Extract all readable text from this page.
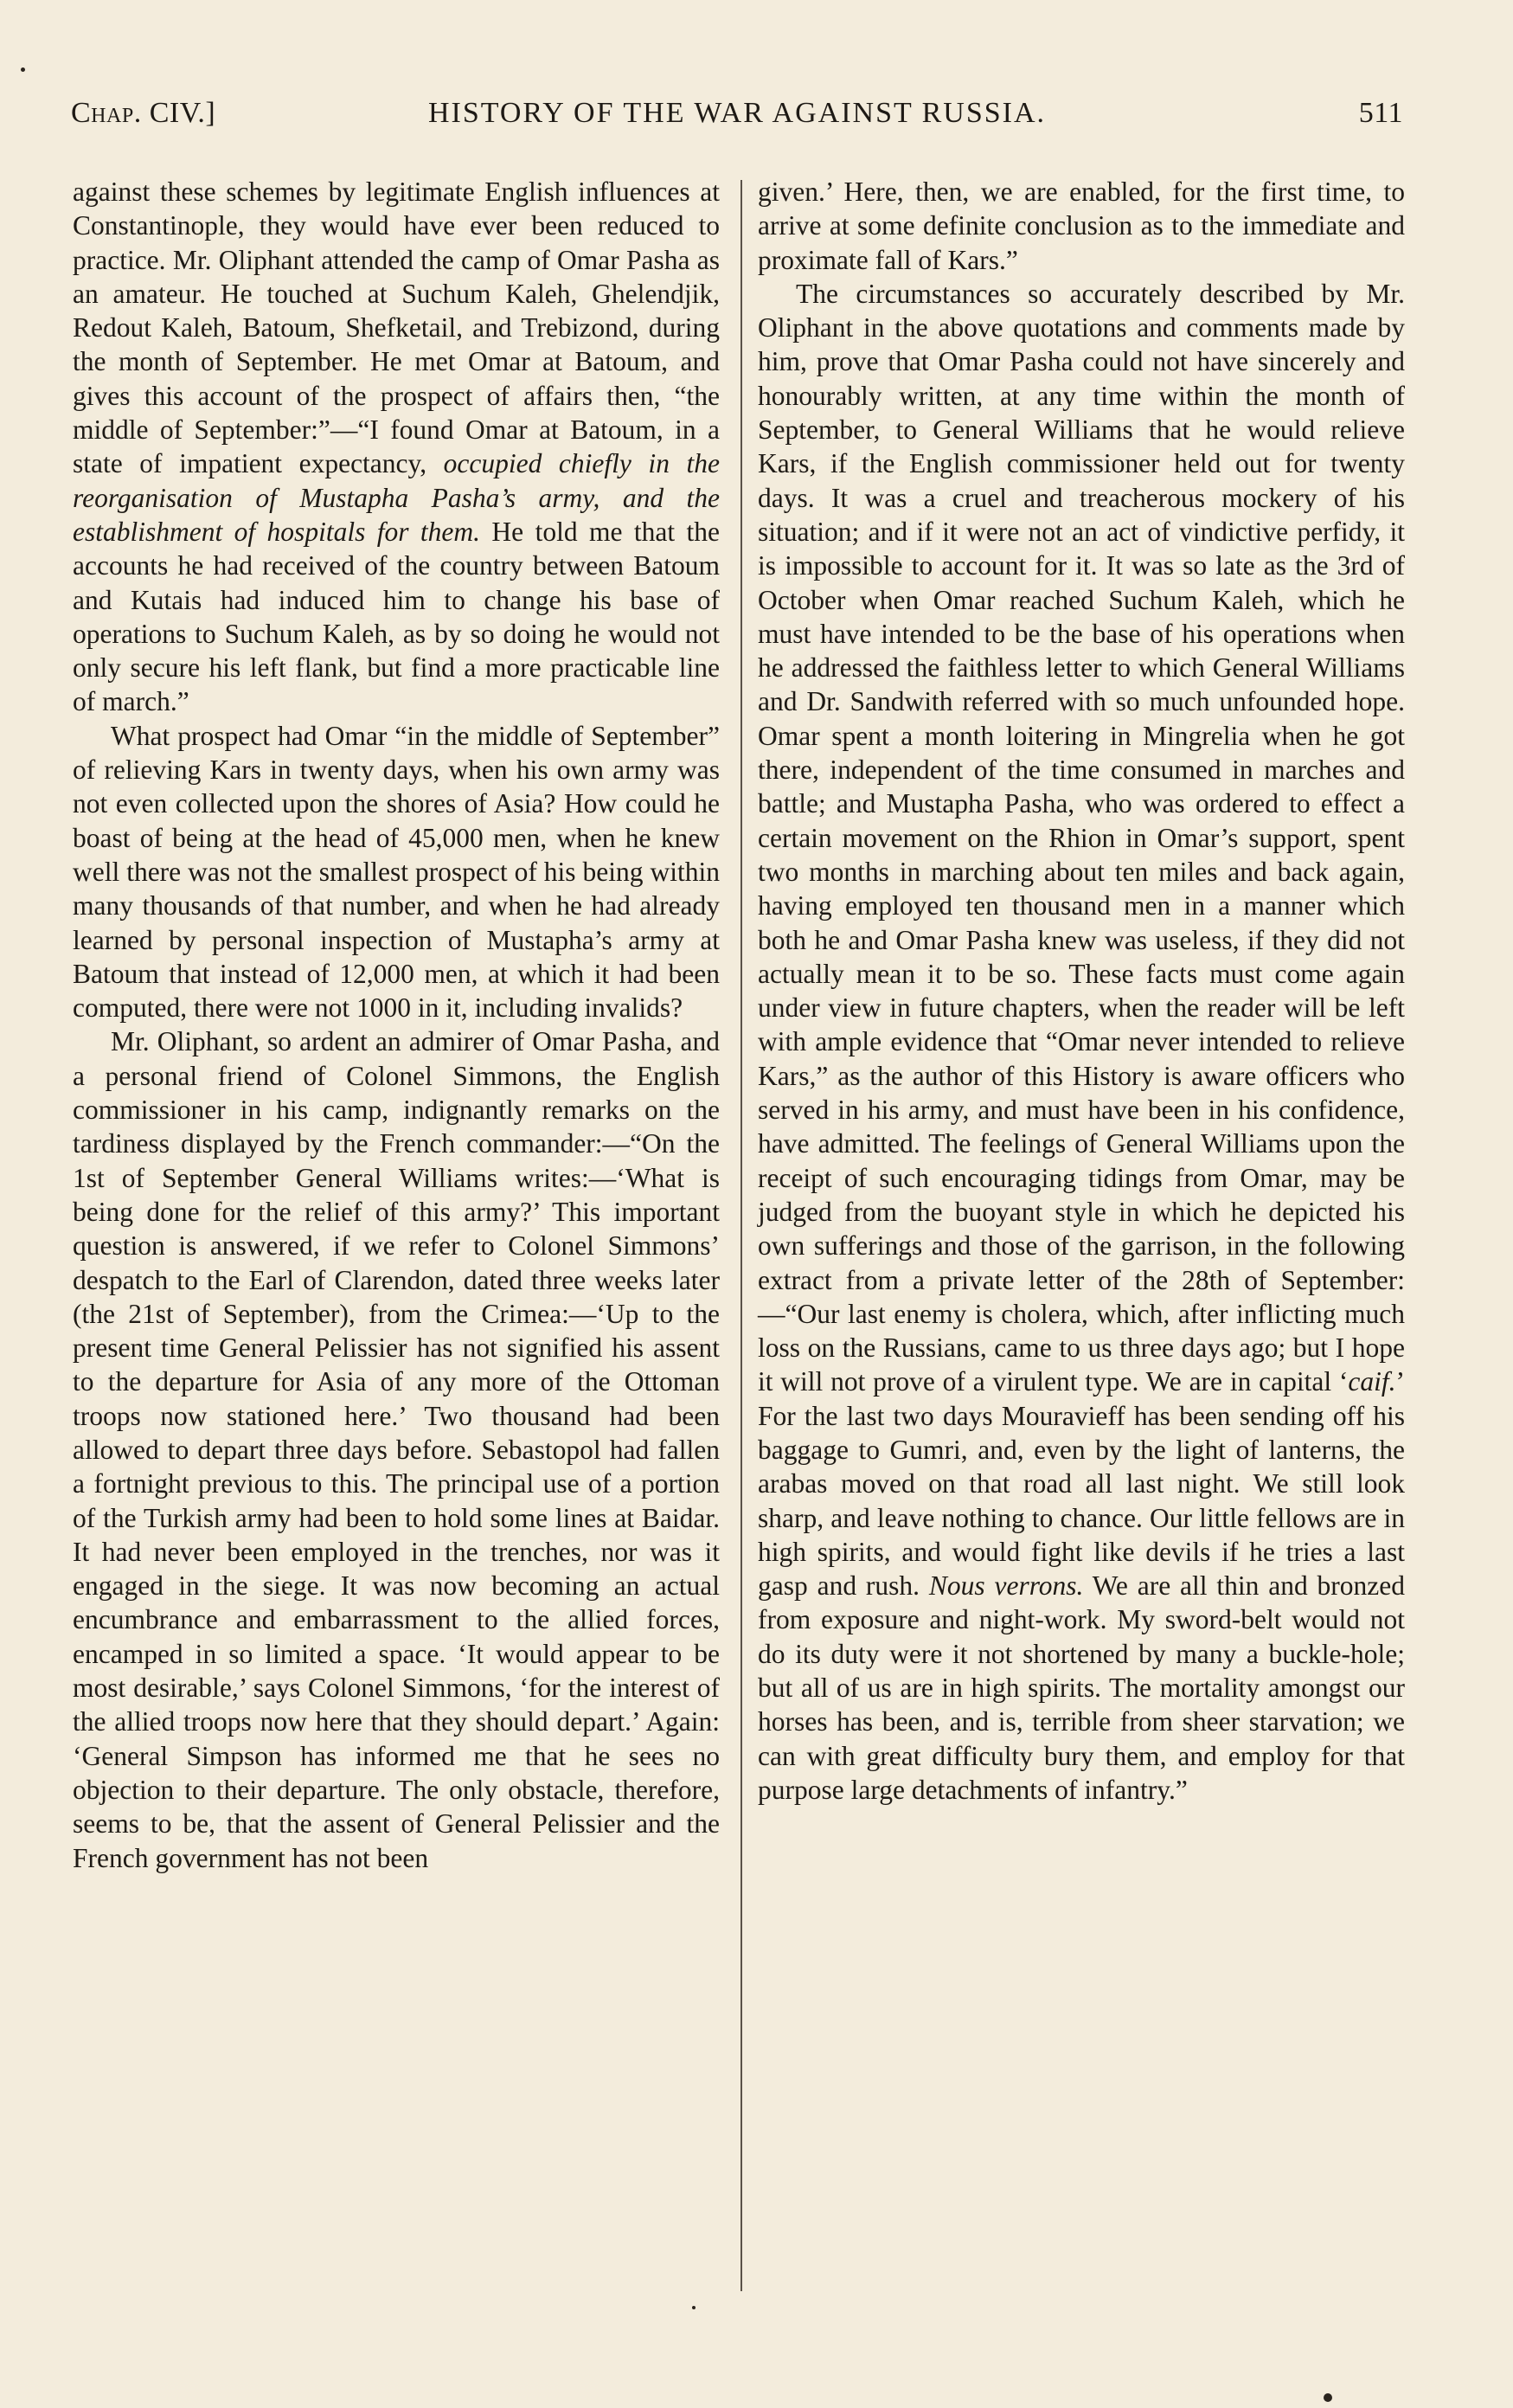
Chap. CIV.]	HISTORY OF THE WAR AGAINST RUSSIA.	511

against these schemes by legitimate English influences at Constantinople, they would have ever been reduced to practice. Mr. Oliphant attended the camp of Omar Pasha as an amateur. He touched at Suchum Kaleh, Ghelendjik, Redout Kaleh, Batoum, Shefketail, and Trebizond, during the month of September. He met Omar at Batoum, and gives this account of the prospect of affairs then, “the middle of September:”—“I found Omar at Batoum, in a state of impatient expectancy, occupied chiefly in the reorganisation of Mustapha Pasha’s army, and the establishment of hospitals for them. He told me that the accounts he had received of the country between Batoum and Kutais had induced him to change his base of operations to Suchum Kaleh, as by so doing he would not only secure his left flank, but find a more practicable line of march.”

What prospect had Omar “in the middle of September” of relieving Kars in twenty days, when his own army was not even collected upon the shores of Asia? How could he boast of being at the head of 45,000 men, when he knew well there was not the smallest prospect of his being within many thousands of that number, and when he had already learned by personal inspection of Mustapha’s army at Batoum that instead of 12,000 men, at which it had been computed, there were not 1000 in it, including invalids?

Mr. Oliphant, so ardent an admirer of Omar Pasha, and a personal friend of Colonel Simmons, the English commissioner in his camp, indignantly remarks on the tardiness displayed by the French commander:—“On the 1st of September General Williams writes:—‘What is being done for the relief of this army?’ This important question is answered, if we refer to Colonel Simmons’ despatch to the Earl of Clarendon, dated three weeks later (the 21st of September), from the Crimea:—‘Up to the present time General Pelissier has not signified his assent to the departure for Asia of any more of the Ottoman troops now stationed here.’ Two thousand had been allowed to depart three days before. Sebastopol had fallen a fortnight previous to this. The principal use of a portion of the Turkish army had been to hold some lines at Baidar. It had never been employed in the trenches, nor was it engaged in the siege. It was now becoming an actual encumbrance and embarrassment to the allied forces, encamped in so limited a space. ‘It would appear to be most desirable,’ says Colonel Simmons, ‘for the interest of the allied troops now here that they should depart.’ Again: ‘General Simpson has informed me that he sees no objection to their departure. The only obstacle, therefore, seems to be, that the assent of General Pelissier and the French government has not been

given.’ Here, then, we are enabled, for the first time, to arrive at some definite conclusion as to the immediate and proximate fall of Kars.”

The circumstances so accurately described by Mr. Oliphant in the above quotations and comments made by him, prove that Omar Pasha could not have sincerely and honourably written, at any time within the month of September, to General Williams that he would relieve Kars, if the English commissioner held out for twenty days. It was a cruel and treacherous mockery of his situation; and if it were not an act of vindictive perfidy, it is impossible to account for it. It was so late as the 3rd of October when Omar reached Suchum Kaleh, which he must have intended to be the base of his operations when he addressed the faithless letter to which General Williams and Dr. Sandwith referred with so much unfounded hope. Omar spent a month loitering in Mingrelia when he got there, independent of the time consumed in marches and battle; and Mustapha Pasha, who was ordered to effect a certain movement on the Rhion in Omar’s support, spent two months in marching about ten miles and back again, having employed ten thousand men in a manner which both he and Omar Pasha knew was useless, if they did not actually mean it to be so. These facts must come again under view in future chapters, when the reader will be left with ample evidence that “Omar never intended to relieve Kars,” as the author of this History is aware officers who served in his army, and must have been in his confidence, have admitted. The feelings of General Williams upon the receipt of such encouraging tidings from Omar, may be judged from the buoyant style in which he depicted his own sufferings and those of the garrison, in the following extract from a private letter of the 28th of September:—“Our last enemy is cholera, which, after inflicting much loss on the Russians, came to us three days ago; but I hope it will not prove of a virulent type. We are in capital ‘caif.’ For the last two days Mouravieff has been sending off his baggage to Gumri, and, even by the light of lanterns, the arabas moved on that road all last night. We still look sharp, and leave nothing to chance. Our little fellows are in high spirits, and would fight like devils if he tries a last gasp and rush. Nous verrons. We are all thin and bronzed from exposure and night-work. My sword-belt would not do its duty were it not shortened by many a buckle-hole; but all of us are in high spirits. The mortality amongst our horses has been, and is, terrible from sheer starvation; we can with great difficulty bury them, and employ for that purpose large detachments of infantry.”
